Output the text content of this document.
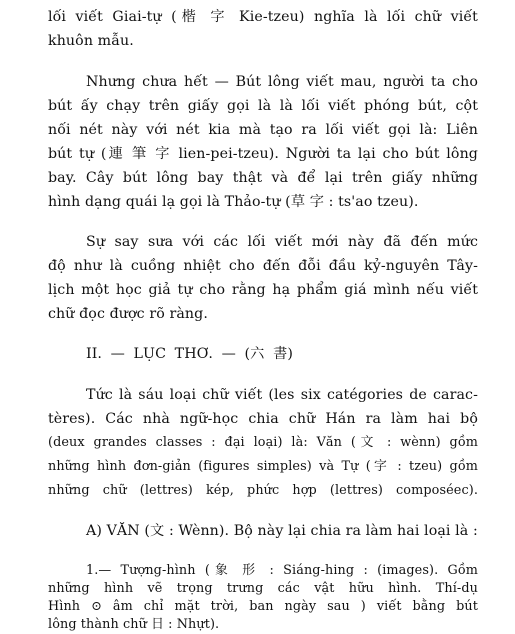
lối viết Giai-tự (楷 字 Kie-tzeu) nghĩa là lối chữ viết
khuôn mẫu.
Nhưng chưa hết — Bút lông viết mau, người ta cho
bút ấy chạy trên giấy gọi là là lối viết phóng bút, cột
nối nét này với nét kia mà tạo ra lối viết gọi là: Liên
bút tự (連 筆 字 lien-pei-tzeu). Người ta lại cho bút lông
bay. Cây bút lông bay thật và để lại trên giấy những
hình dạng quái lạ gọi là Thảo-tự (草 字 : ts'ao tzeu).
Sự say sưa với các lối viết mới này đã đến mức
độ như là cuồng nhiệt cho đến đỗi đầu kỷ-nguyên Tây-
lịch một học giả tự cho rằng hạ phẩm giá mình nếu viết
chữ đọc được rõ ràng.
II. — LỤC THƠ. — (六 書)
Tức là sáu loại chữ viết (les six catégories de carac-
tères). Các nhà ngữ-học chia chữ Hán ra làm hai bộ
(deux grandes classes : đại loại) là: Văn (文 : wènn) gồm
những hình đơn-giản (figures simples) và Tự (字 : tzeu) gồm
những chữ (lettres) kép, phức hợp (lettres) composéec).
A) VĂN (文 : Wènn). Bộ này lại chia ra làm hai loại là :
1.— Tượng-hình (象 形 : Siáng-hing : (images). Gồm
những hình vẽ trọng trưng các vật hữu hình. Thí-dụ
Hình ⊙ âm chỉ mặt trời, ban ngày sau ) viết bằng bút
lông thành chữ 日 : Nhựt).
